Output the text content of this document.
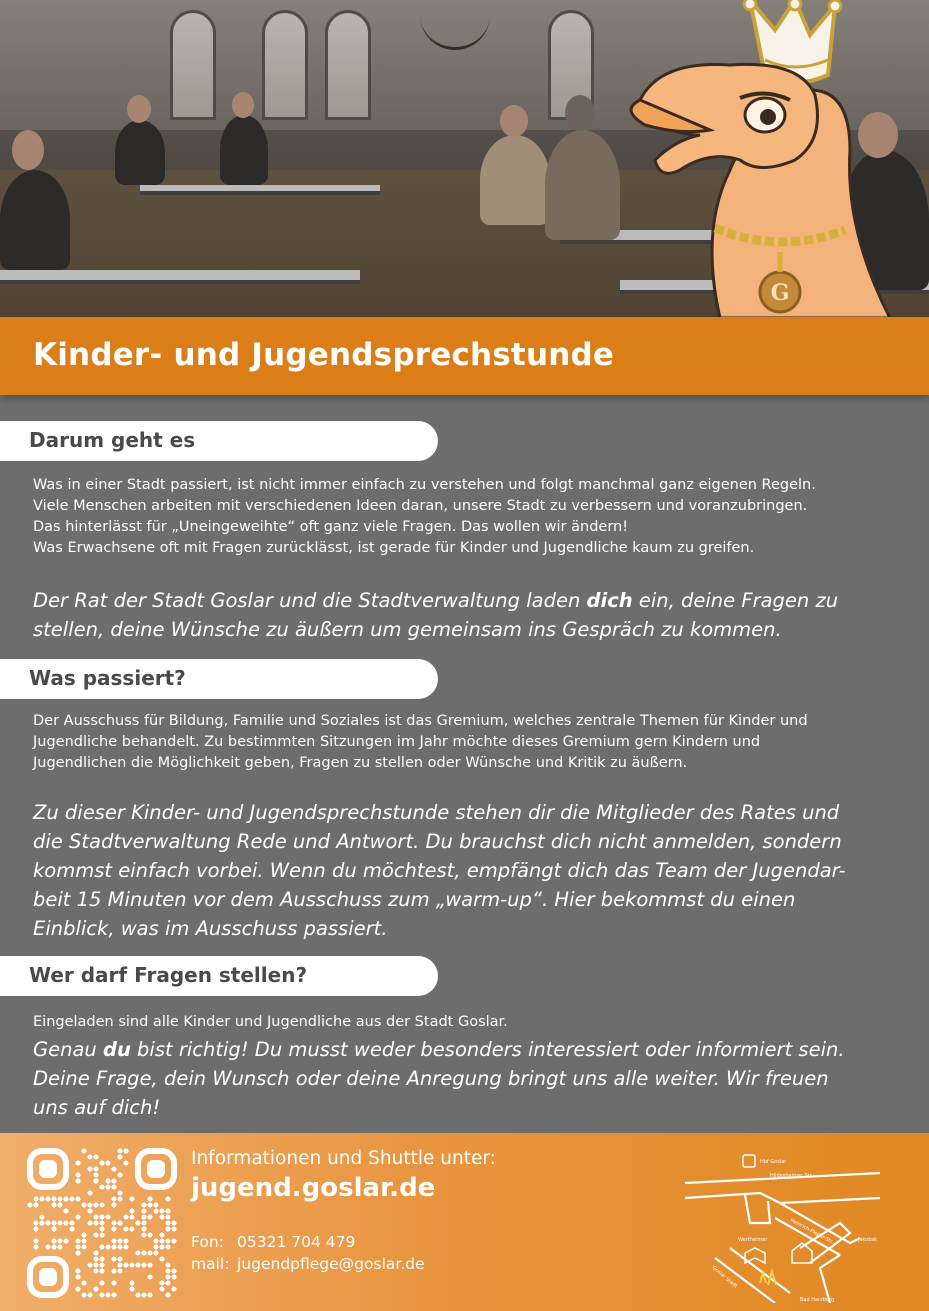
G
Kinder- und Jugendsprechstunde
Darum geht es

Was in einer Stadt passiert, ist nicht immer einfach zu verstehen und folgt manchmal ganz eigenen Regeln.

Viele Menschen arbeiten mit verschiedenen Ideen daran, unsere Stadt zu verbessern und voranzubringen.

Das hinterlässt für „Uneingeweihte“ oft ganz viele Fragen. Das wollen wir ändern!

Was Erwachsene oft mit Fragen zurücklässt, ist gerade für Kinder und Jugendliche kaum zu greifen.

Der Rat der Stadt Goslar und die Stadtverwaltung laden dich ein, deine Fragen zu

stellen, deine Wünsche zu äußern um gemeinsam ins Gespräch zu kommen.

Was passiert?

Der Ausschuss für Bildung, Familie und Soziales ist das Gremium, welches zentrale Themen für Kinder und

Jugendliche behandelt. Zu bestimmten Sitzungen im Jahr möchte dieses Gremium gern Kindern und

Jugendlichen die Möglichkeit geben, Fragen zu stellen oder Wünsche und Kritik zu äußern.

Zu dieser Kinder- und Jugendsprechstunde stehen dir die Mitglieder des Rates und

die Stadtverwaltung Rede und Antwort. Du brauchst dich nicht anmelden, sondern

kommst einfach vorbei. Wenn du möchtest, empfängt dich das Team der Jugendar-

beit 15 Minuten vor dem Ausschuss zum „warm-up“. Hier bekommst du einen

Einblick, was im Ausschuss passiert.

Wer darf Fragen stellen?

Eingeladen sind alle Kinder und Jugendliche aus der Stadt Goslar.

Genau du bist richtig! Du musst weder besonders interessiert oder informiert sein.

Deine Frage, dein Wunsch oder deine Anregung bringt uns alle weiter. Wir freuen

uns auf dich!

Informationen und Shuttle unter:
jugend.goslar.de
Fon: 05321 704 479
mail: jugendpflege@goslar.de
Hbf Goslar
Hildesheimer Str.
Heinrich-Pieper-Str.
Wertheimer	Jakobsk
Goslar Stadt
Bad Harzburg
